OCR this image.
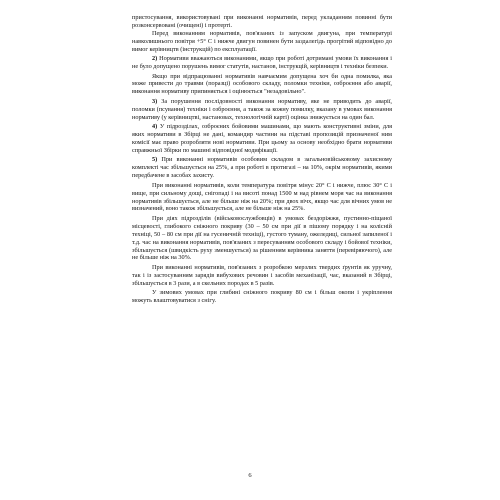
пристосування, використовувані при виконанні нормативів, перед укладанням повинні бути розконсервовані (очищені) і протерті.

Перед виконанням нормативів, пов'язаних із запуском двигуна, при температурі навколишнього повітря +5° С і нижче двигун повинен бути заздалегідь прогрітий відповідно до вимог керівництв (інструкцій) по експлуатації.

2) Нормативи вважаються виконаними, якщо при роботі дотримані умови їх виконання і не було допущено порушень вимог статутів, настанов, інструкцій, керівництв і техніки безпеки.

Якщо при відпрацюванні нормативів навчаємим допущена хоч би одна помилка, яка може привести до травми (поразці) особового складу, поломки техніки, озброєння або аварії, виконання нормативу припиняється і оцінюється "незадовільно".

3) За порушення послідовності виконання нормативу, яке не приводить до аварії, поломки (псування) техніки і озброєння, а також за кожну помилку, вказану в умовах виконання нормативу (у керівництві, настановах, технологічній карті) оцінка знижується на один бал.

4) У підрозділах, озброєних бойовими машинами, що мають конструктивні зміни, для яких нормативи в Збірці не дані, командир частини на підставі пропозицій призначеної ним комісії має право розробляти нові нормативи. При цьому за основу необхідно брати нормативи справжньої Збірки по машині відповідної модифікації.

5) При виконанні нормативів особовим складом в загальновійськовому захисному комплекті час збільшується на 25%, а при роботі в протигазі – на 10%, окрім нормативів, якими передбачене в засобах захисту.

При виконанні нормативів, коли температура повітря мінус 20° С і нижче, плюс 30° С і вище, при сильному дощі, снігопаді і на висоті понад 1500 м над рівнем моря час на виконання нормативів збільшується, але не більше ніж на 20%; при двох вічх, якщо час для вічних умов не визначений, воно також збільшується, але не більше ніж на 25%.

При діях підрозділів (військовослужбовців) в умовах бездоріжжя, пустинно-піщаної місцевості, глибокого сніжного покриву (30 – 50 см при дії в пішому порядку і на колісній техніці, 50 – 80 см при дії на гусеничній техніці), густого туману, ожеледиці, сильної запиленої і т.д. час на виконання нормативів, пов'язаних з пересуванням особового складу і бойової техніки, збільшується (швидкість руху зменшується) за рішенням керівника заняття (перевіряючого), але не більше ніж на 30%.

При виконанні нормативів, пов'язаних з розробкою мерзлих твердих ґрунтів як уручну, так і із застосуванням зарядів вибухових речовин і засобів механізації, час, вказаний в Збірці, збільшується в 3 рази, а в скельних породах в 5 разів.

У зимових умовах при глибині сніжного покриву 80 см і більш окопи і укріплення можуть влаштовуватися з снігу.

6
